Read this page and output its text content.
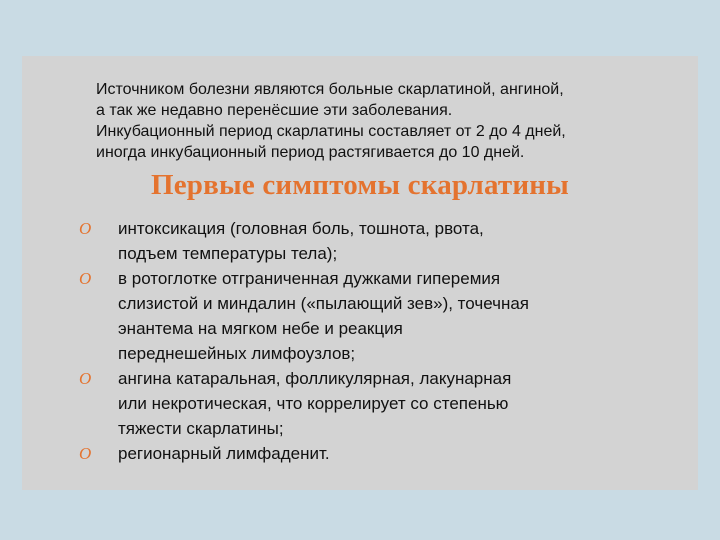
Источником болезни являются больные скарлатиной, ангиной,
а так же недавно перенёсшие эти заболевания.
Инкубационный период скарлатины составляет от 2 до 4 дней,
иногда инкубационный период растягивается до 10 дней.

Первые симптомы скарлатины
O интоксикация (головная боль, тошнота, рвота,
подъем температуры тела);
O в ротоглотке отграниченная дужками гиперемия
слизистой и миндалин («пылающий зев»), точечная
энантема на мягком небе и реакция
переднешейных лимфоузлов;
O ангина катаральная, фолликулярная, лакунарная
или некротическая, что коррелирует со степенью
тяжести скарлатины;
O регионарный лимфаденит.
